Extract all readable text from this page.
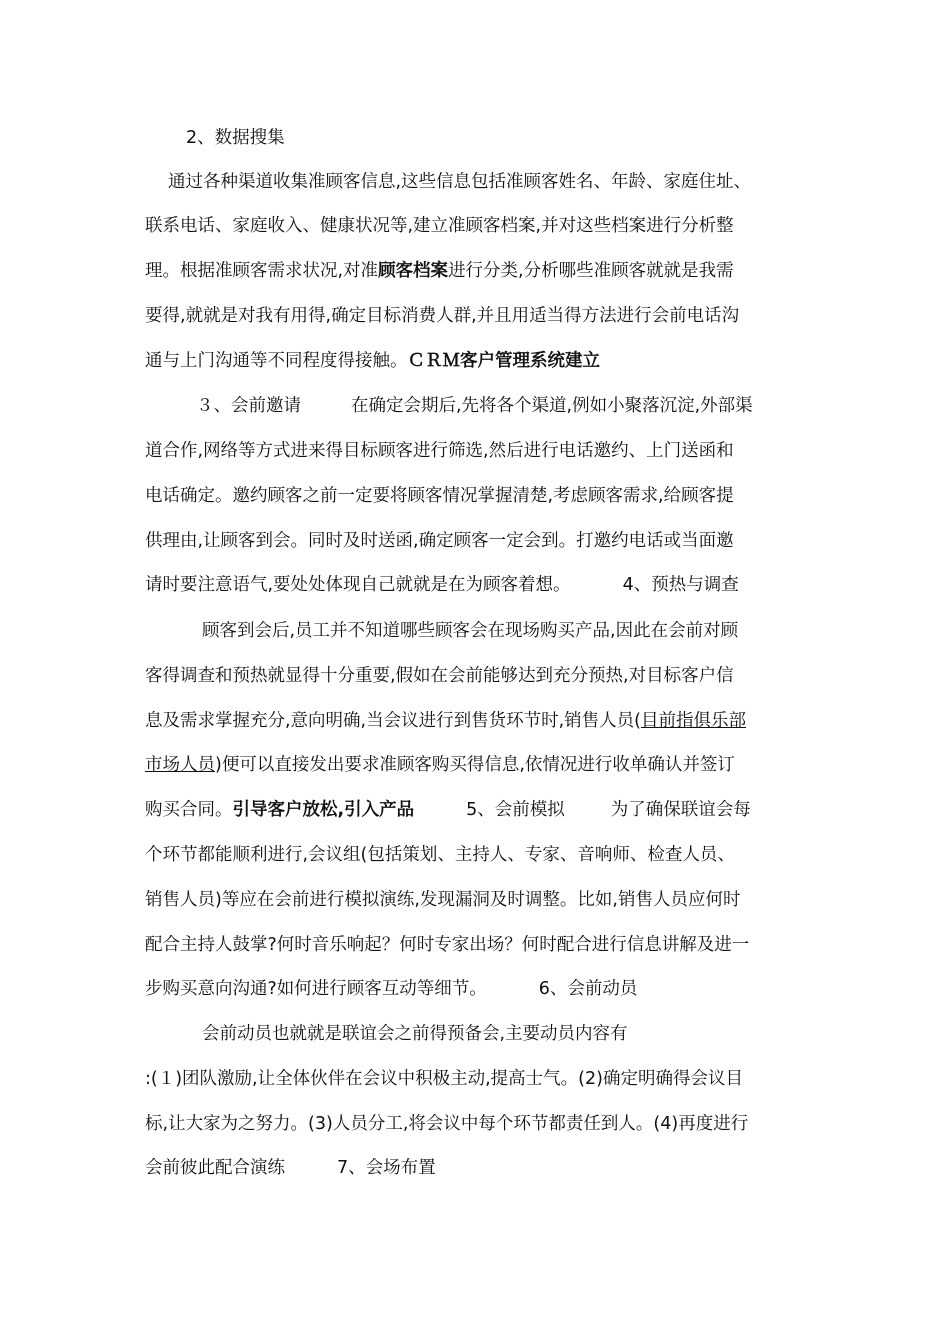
2、数据搜集
通过各种渠道收集准顾客信息,这些信息包括准顾客姓名、年龄、家庭住址、
联系电话、家庭收入、健康状况等,建立准顾客档案,并对这些档案进行分析整
理。根据准顾客需求状况,对准顾客档案进行分类,分析哪些准顾客就就是我需
要得,就就是对我有用得,确定目标消费人群,并且用适当得方法进行会前电话沟
通与上门沟通等不同程度得接触。ＣＲＭ客户管理系统建立
３、会前邀请	在确定会期后,先将各个渠道,例如小聚落沉淀,外部渠
道合作,网络等方式进来得目标顾客进行筛选,然后进行电话邀约、上门送函和
电话确定。邀约顾客之前一定要将顾客情况掌握清楚,考虑顾客需求,给顾客提
供理由,让顾客到会。同时及时送函,确定顾客一定会到。打邀约电话或当面邀
请时要注意语气,要处处体现自己就就是在为顾客着想。	4、预热与调查
顾客到会后,员工并不知道哪些顾客会在现场购买产品,因此在会前对顾
客得调查和预热就显得十分重要,假如在会前能够达到充分预热,对目标客户信
息及需求掌握充分,意向明确,当会议进行到售货环节时,销售人员(目前指俱乐部
市场人员)便可以直接发出要求准顾客购买得信息,依情况进行收单确认并签订
购买合同。引导客户放松,引入产品	5、会前模拟	为了确保联谊会每
个环节都能顺利进行,会议组(包括策划、主持人、专家、音响师、检查人员、
销售人员)等应在会前进行模拟演练,发现漏洞及时调整。比如,销售人员应何时
配合主持人鼓掌?何时音乐响起？何时专家出场？何时配合进行信息讲解及进一
步购买意向沟通?如何进行顾客互动等细节。	6、会前动员
会前动员也就就是联谊会之前得预备会,主要动员内容有
:(１)团队激励,让全体伙伴在会议中积极主动,提高士气。(2)确定明确得会议目
标,让大家为之努力。(3)人员分工,将会议中每个环节都责任到人。(4)再度进行
会前彼此配合演练	7、会场布置
